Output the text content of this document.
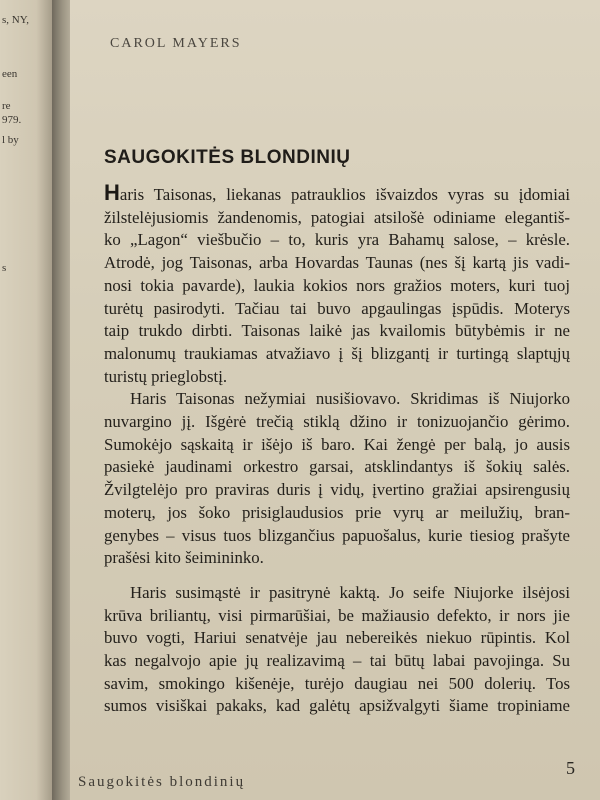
s, NY,
een
re
979.
l by
s
CAROL MAYERS
SAUGOKITĖS BLONDINIŲ
Haris Taisonas, liekanas patrauklios išvaizdos vyras su įdomiai
žilstelėjusiomis žandenomis, patogiai atsilošė odiniame elegantiš-
ko „Lagon“ viešbučio – to, kuris yra Bahamų salose, – krėsle.
Atrodė, jog Taisonas, arba Hovardas Taunas (nes šį kartą jis vadi-
nosi tokia pavarde), laukia kokios nors gražios moters, kuri tuoj
turėtų pasirodyti. Tačiau tai buvo apgaulingas įspūdis. Moterys
taip trukdo dirbti. Taisonas laikė jas kvailomis būtybėmis ir ne
malonumų traukiamas atvažiavo į šį blizgantį ir turtingą slaptųjų
turistų prieglobstį.
Haris Taisonas nežymiai nusišiovavo. Skridimas iš Niujorko
nuvargino jį. Išgėrė trečią stiklą džino ir tonizuojančio gėrimo.
Sumokėjo sąskaitą ir išėjo iš baro. Kai žengė per balą, jo ausis
pasiekė jaudinami orkestro garsai, atsklindantys iš šokių salės.
Žvilgtelėjo pro praviras duris į vidų, įvertino gražiai apsirengusių
moterų, jos šoko prisiglaudusios prie vyrų ar meilužių, bran-
genybes – visus tuos blizgančius papuošalus, kurie tiesiog prašyte
prašėsi kito šeimininko.
Haris susimąstė ir pasitrynė kaktą. Jo seife Niujorke ilsėjosi
krūva briliantų, visi pirmarūšiai, be mažiausio defekto, ir nors jie
buvo vogti, Hariui senatvėje jau nebereikės niekuo rūpintis. Kol
kas negalvojo apie jų realizavimą – tai būtų labai pavojinga. Su
savim, smokingo kišenėje, turėjo daugiau nei 500 dolerių. Tos
sumos visiškai pakaks, kad galėtų apsižvalgyti šiame tropiniame
Saugokitės blondinių
5
